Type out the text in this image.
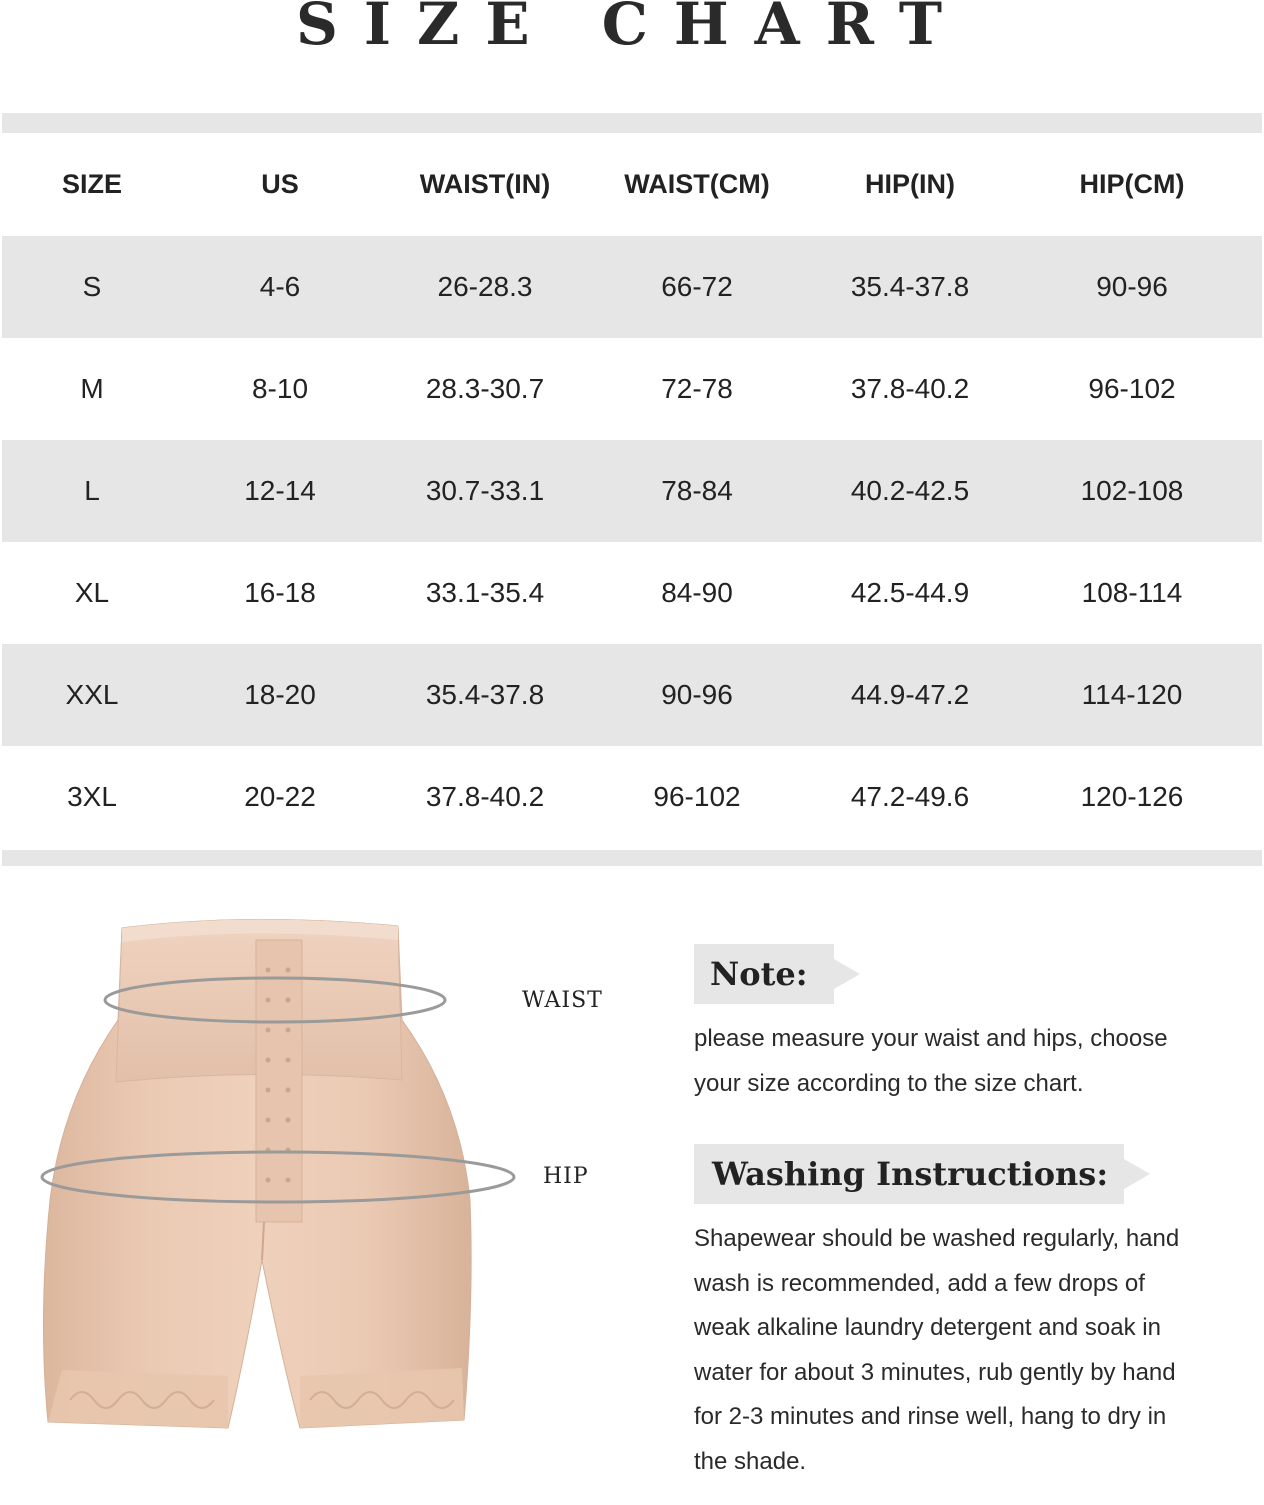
SIZE CHART
SIZE	US	WAIST(IN)	WAIST(CM)	HIP(IN)	HIP(CM)
S	4-6	26-28.3	66-72	35.4-37.8	90-96
M	8-10	28.3-30.7	72-78	37.8-40.2	96-102
L	12-14	30.7-33.1	78-84	40.2-42.5	102-108
XL	16-18	33.1-35.4	84-90	42.5-44.9	108-114
XXL	18-20	35.4-37.8	90-96	44.9-47.2	114-120
3XL	20-22	37.8-40.2	96-102	47.2-49.6	120-126
WAIST
HIP
Note:
please measure your waist and hips, choose
your size according to the size chart.
Washing Instructions:
Shapewear should be washed regularly, hand
wash is recommended, add a few drops of
weak alkaline laundry detergent and soak in
water for about 3 minutes, rub gently by hand
for 2-3 minutes and rinse well, hang to dry in
the shade.
